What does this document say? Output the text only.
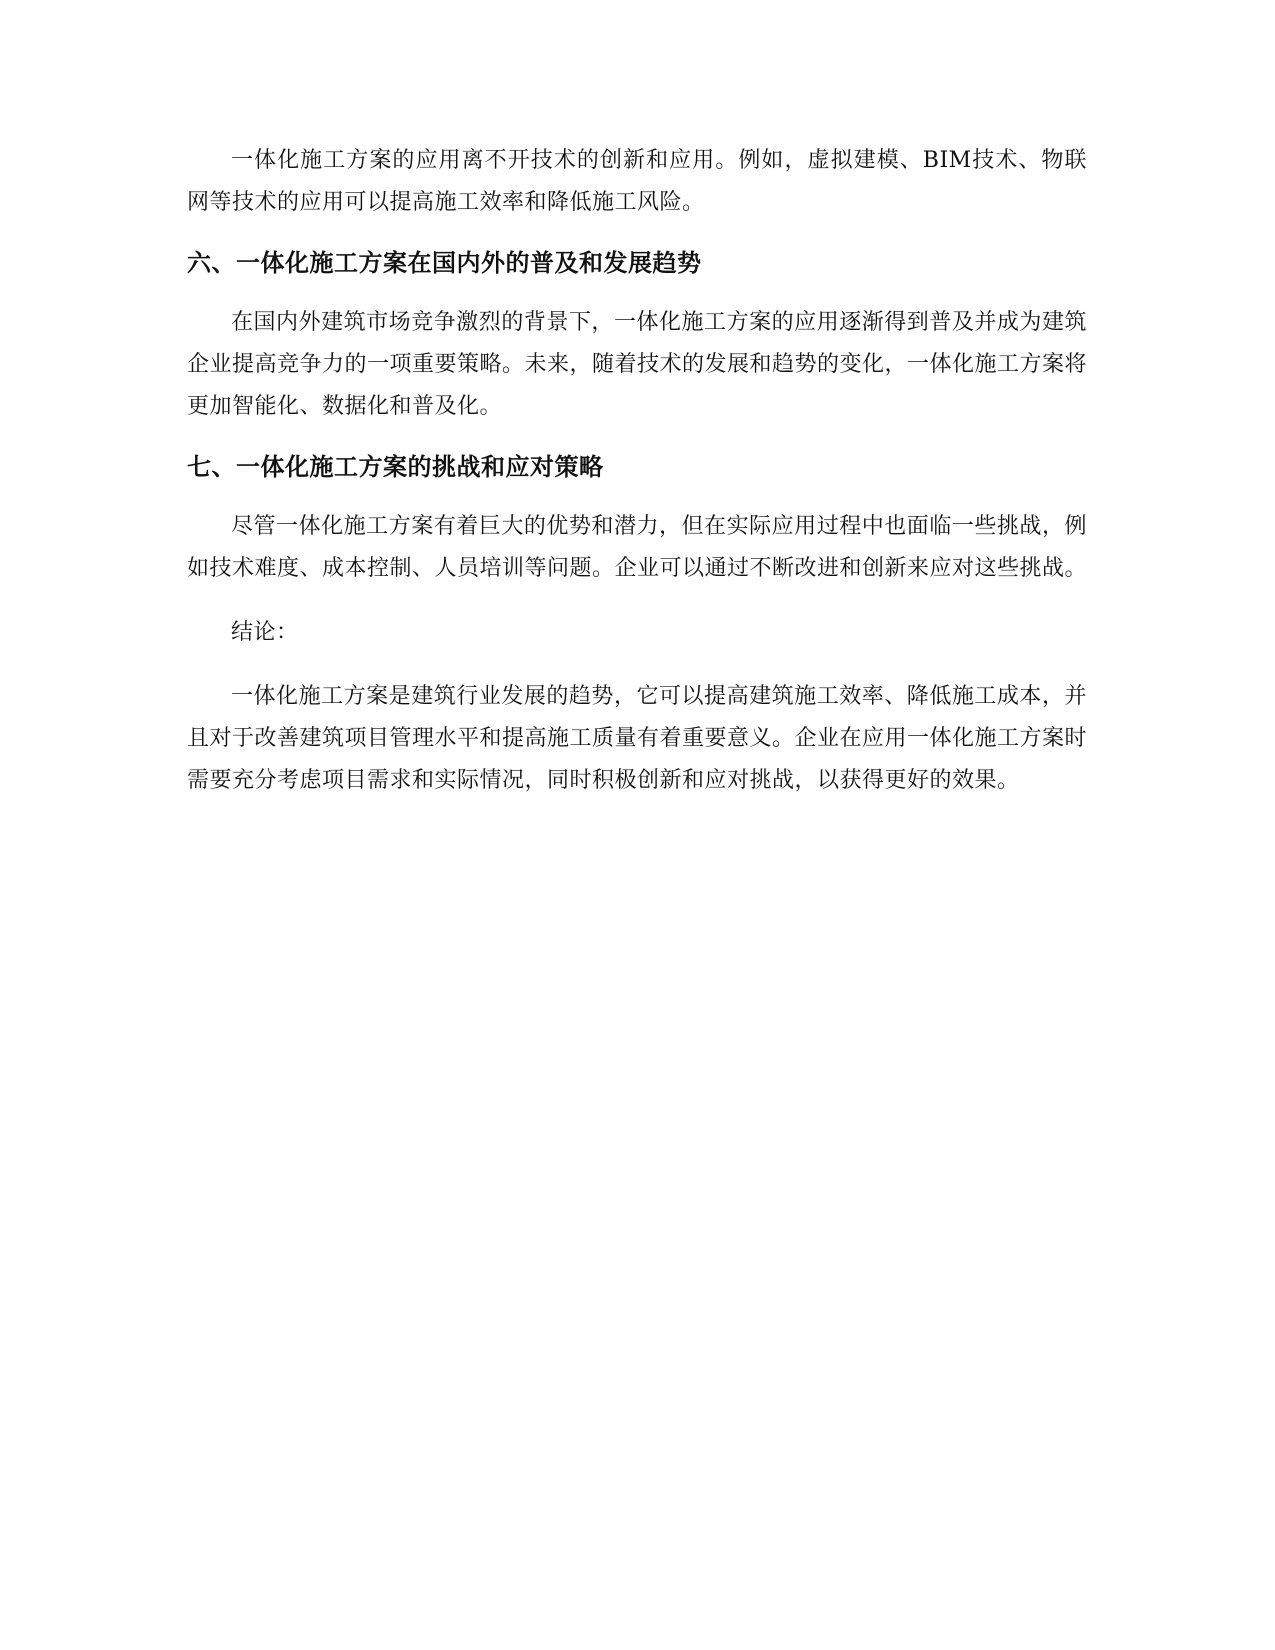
一体化施工方案的应用离不开技术的创新和应用。例如，虚拟建模、BIM技术、物联网等技术的应用可以提高施工效率和降低施工风险。

六、一体化施工方案在国内外的普及和发展趋势

在国内外建筑市场竞争激烈的背景下，一体化施工方案的应用逐渐得到普及并成为建筑企业提高竞争力的一项重要策略。未来，随着技术的发展和趋势的变化，一体化施工方案将更加智能化、数据化和普及化。

七、一体化施工方案的挑战和应对策略

尽管一体化施工方案有着巨大的优势和潜力，但在实际应用过程中也面临一些挑战，例如技术难度、成本控制、人员培训等问题。企业可以通过不断改进和创新来应对这些挑战。

结论：

一体化施工方案是建筑行业发展的趋势，它可以提高建筑施工效率、降低施工成本，并且对于改善建筑项目管理水平和提高施工质量有着重要意义。企业在应用一体化施工方案时需要充分考虑项目需求和实际情况，同时积极创新和应对挑战，以获得更好的效果。
